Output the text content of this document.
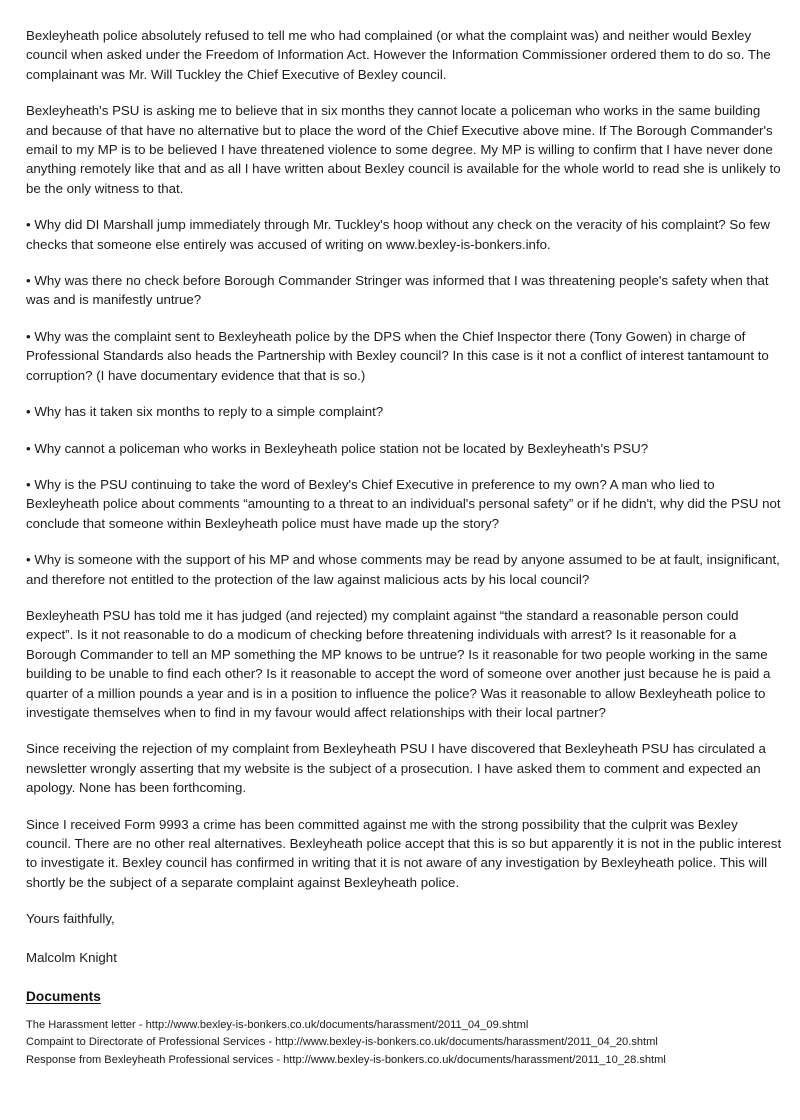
Bexleyheath police absolutely refused to tell me who had complained (or what the complaint was) and neither would Bexley council when asked under the Freedom of Information Act. However the Information Commissioner ordered them to do so. The complainant was Mr. Will Tuckley the Chief Executive of Bexley council.

Bexleyheath's PSU is asking me to believe that in six months they cannot locate a policeman who works in the same building and because of that have no alternative but to place the word of the Chief Executive above mine. If The Borough Commander's email to my MP is to be believed I have threatened violence to some degree. My MP is willing to confirm that I have never done anything remotely like that and as all I have written about Bexley council is available for the whole world to read she is unlikely to be the only witness to that.

• Why did DI Marshall jump immediately through Mr. Tuckley's hoop without any check on the veracity of his complaint? So few checks that someone else entirely was accused of writing on www.bexley-is-bonkers.info.

• Why was there no check before Borough Commander Stringer was informed that I was threatening people's safety when that was and is manifestly untrue?

• Why was the complaint sent to Bexleyheath police by the DPS when the Chief Inspector there (Tony Gowen) in charge of Professional Standards also heads the Partnership with Bexley council? In this case is it not a conflict of interest tantamount to corruption? (I have documentary evidence that that is so.)

• Why has it taken six months to reply to a simple complaint?

• Why cannot a policeman who works in Bexleyheath police station not be located by Bexleyheath's PSU?

• Why is the PSU continuing to take the word of Bexley's Chief Executive in preference to my own? A man who lied to Bexleyheath police about comments “amounting to a threat to an individual's personal safety” or if he didn't, why did the PSU not conclude that someone within Bexleyheath police must have made up the story?

• Why is someone with the support of his MP and whose comments may be read by anyone assumed to be at fault, insignificant, and therefore not entitled to the protection of the law against malicious acts by his local council?

Bexleyheath PSU has told me it has judged (and rejected) my complaint against “the standard a reasonable person could expect”. Is it not reasonable to do a modicum of checking before threatening individuals with arrest? Is it reasonable for a Borough Commander to tell an MP something the MP knows to be untrue? Is it reasonable for two people working in the same building to be unable to find each other? Is it reasonable to accept the word of someone over another just because he is paid a quarter of a million pounds a year and is in a position to influence the police? Was it reasonable to allow Bexleyheath police to investigate themselves when to find in my favour would affect relationships with their local partner?

Since receiving the rejection of my complaint from Bexleyheath PSU I have discovered that Bexleyheath PSU has circulated a newsletter wrongly asserting that my website is the subject of a prosecution. I have asked them to comment and expected an apology. None has been forthcoming.

Since I received Form 9993 a crime has been committed against me with the strong possibility that the culprit was Bexley council. There are no other real alternatives. Bexleyheath police accept that this is so but apparently it is not in the public interest to investigate it. Bexley council has confirmed in writing that it is not aware of any investigation by Bexleyheath police. This will shortly be the subject of a separate complaint against Bexleyheath police.

Yours faithfully,

Malcolm Knight

Documents
The Harassment letter - http://www.bexley-is-bonkers.co.uk/documents/harassment/2011_04_09.shtml
Compaint to Directorate of Professional Services - http://www.bexley-is-bonkers.co.uk/documents/harassment/2011_04_20.shtml
Response from Bexleyheath Professional services - http://www.bexley-is-bonkers.co.uk/documents/harassment/2011_10_28.shtml
